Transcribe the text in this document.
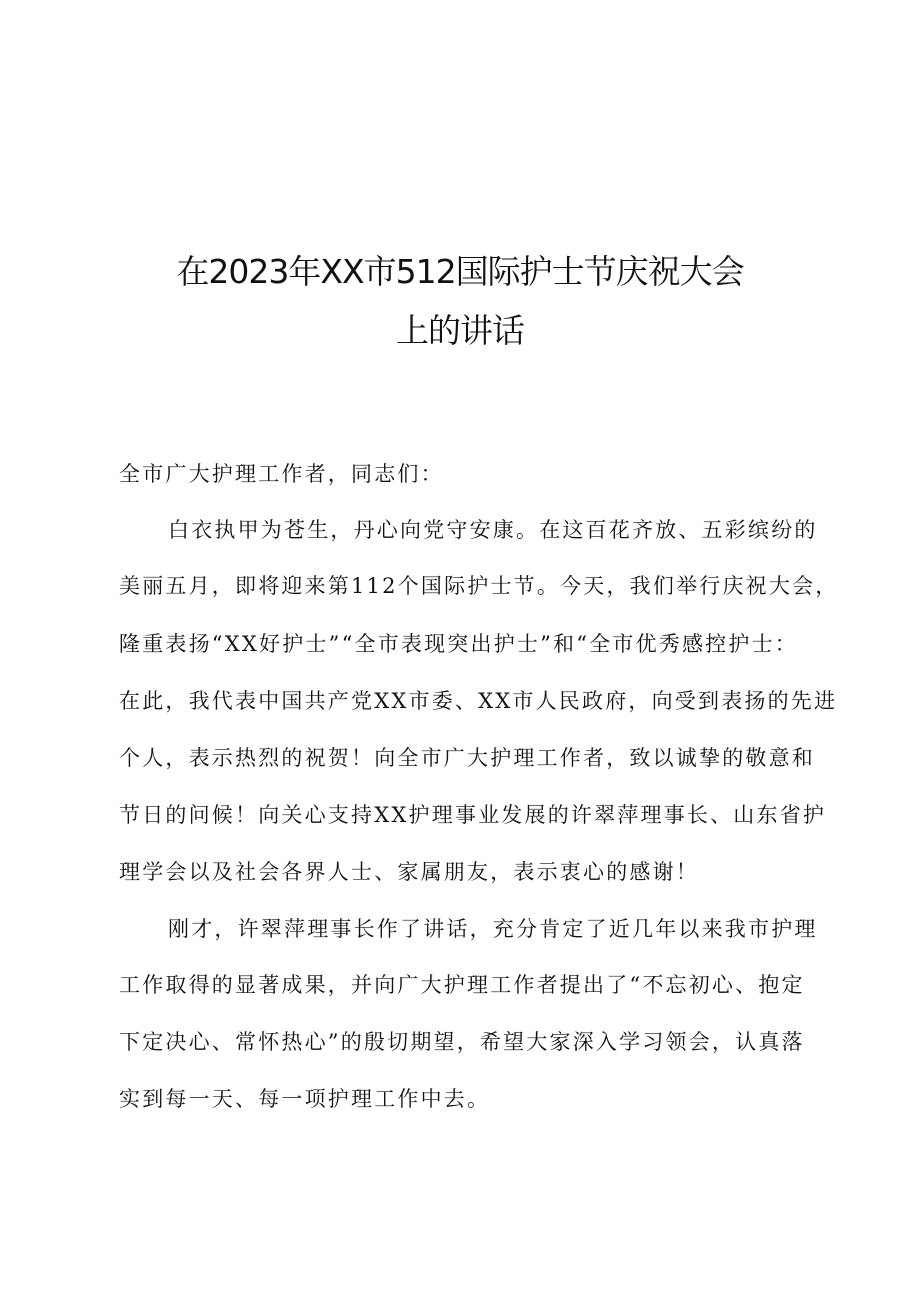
在2023年XX市512国际护士节庆祝大会
上的讲话
全市广大护理工作者，同志们：
白衣执甲为苍生，丹心向党守安康。在这百花齐放、五彩缤纷的
美丽五月，即将迎来第112个国际护士节。今天，我们举行庆祝大会，
隆重表扬“XX好护士”“全市表现突出护士”和“全市优秀感控护士：
在此，我代表中国共产党XX市委、XX市人民政府，向受到表扬的先进
个人，表示热烈的祝贺！向全市广大护理工作者，致以诚挚的敬意和
节日的问候！向关心支持XX护理事业发展的许翠萍理事长、山东省护
理学会以及社会各界人士、家属朋友，表示衷心的感谢！
刚才，许翠萍理事长作了讲话，充分肯定了近几年以来我市护理
工作取得的显著成果，并向广大护理工作者提出了“不忘初心、抱定
下定决心、常怀热心”的殷切期望，希望大家深入学习领会，认真落
实到每一天、每一项护理工作中去。
